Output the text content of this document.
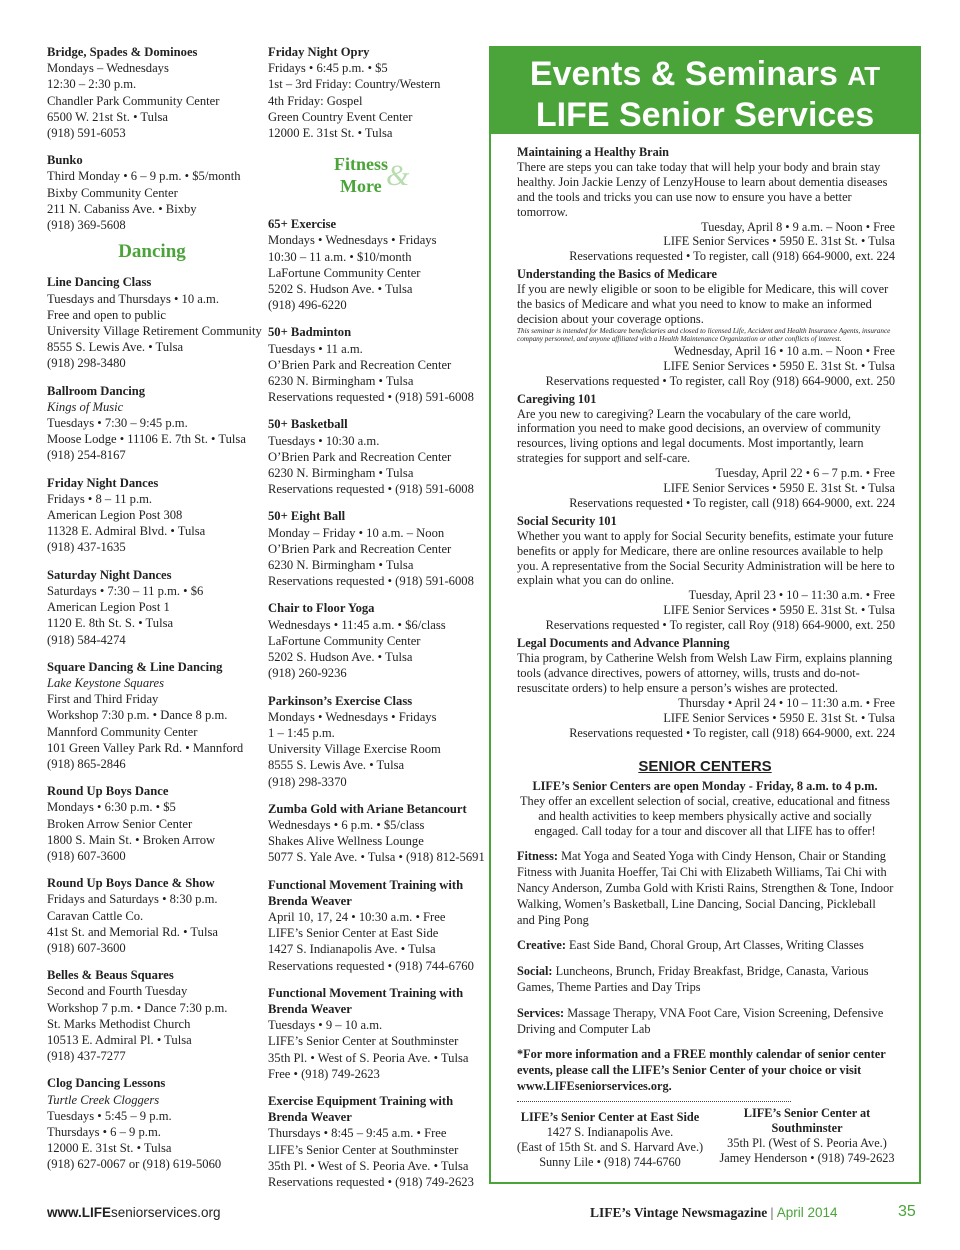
Bridge, Spades & Dominoes
Mondays – Wednesdays
12:30 – 2:30 p.m.
Chandler Park Community Center
6500 W. 21st St. • Tulsa
(918) 591-6053
Bunko
Third Monday • 6 – 9 p.m. • $5/month
Bixby Community Center
211 N. Cabaniss Ave. • Bixby
(918) 369-5608
Dancing
Line Dancing Class
Tuesdays and Thursdays • 10 a.m.
Free and open to public
University Village Retirement Community
8555 S. Lewis Ave. • Tulsa
(918) 298-3480
Ballroom Dancing
Kings of Music
Tuesdays • 7:30 – 9:45 p.m.
Moose Lodge • 11106 E. 7th St. • Tulsa
(918) 254-8167
Friday Night Dances
Fridays • 8 – 11 p.m.
American Legion Post 308
11328 E. Admiral Blvd. • Tulsa
(918) 437-1635
Saturday Night Dances
Saturdays • 7:30 – 11 p.m. • $6
American Legion Post 1
1120 E. 8th St. S. • Tulsa
(918) 584-4274
Square Dancing & Line Dancing
Lake Keystone Squares
First and Third Friday
Workshop 7:30 p.m. • Dance 8 p.m.
Mannford Community Center
101 Green Valley Park Rd. • Mannford
(918) 865-2846
Round Up Boys Dance
Mondays • 6:30 p.m. • $5
Broken Arrow Senior Center
1800 S. Main St. • Broken Arrow
(918) 607-3600
Round Up Boys Dance & Show
Fridays and Saturdays • 8:30 p.m.
Caravan Cattle Co.
41st St. and Memorial Rd. • Tulsa
(918) 607-3600
Belles & Beaus Squares
Second and Fourth Tuesday
Workshop 7 p.m. • Dance 7:30 p.m.
St. Marks Methodist Church
10513 E. Admiral Pl. • Tulsa
(918) 437-7277
Clog Dancing Lessons
Turtle Creek Cloggers
Tuesdays • 5:45 – 9 p.m.
Thursdays • 6 – 9 p.m.
12000 E. 31st St. • Tulsa
(918) 627-0067 or (918) 619-5060
Friday Night Opry
Fridays • 6:45 p.m. • $5
1st – 3rd Friday: Country/Western
4th Friday: Gospel
Green Country Event Center
12000 E. 31st St. • Tulsa
Fitness
More &
65+ Exercise
Mondays • Wednesdays • Fridays
10:30 – 11 a.m. • $10/month
LaFortune Community Center
5202 S. Hudson Ave. • Tulsa
(918) 496-6220
50+ Badminton
Tuesdays • 11 a.m.
O’Brien Park and Recreation Center
6230 N. Birmingham • Tulsa
Reservations requested • (918) 591-6008
50+ Basketball
Tuesdays • 10:30 a.m.
O’Brien Park and Recreation Center
6230 N. Birmingham • Tulsa
Reservations requested • (918) 591-6008
50+ Eight Ball
Monday – Friday • 10 a.m. – Noon
O’Brien Park and Recreation Center
6230 N. Birmingham • Tulsa
Reservations requested • (918) 591-6008
Chair to Floor Yoga
Wednesdays • 11:45 a.m. • $6/class
LaFortune Community Center
5202 S. Hudson Ave. • Tulsa
(918) 260-9236
Parkinson’s Exercise Class
Mondays • Wednesdays • Fridays
1 – 1:45 p.m.
University Village Exercise Room
8555 S. Lewis Ave. • Tulsa
(918) 298-3370
Zumba Gold with Ariane Betancourt
Wednesdays • 6 p.m. • $5/class
Shakes Alive Wellness Lounge
5077 S. Yale Ave. • Tulsa • (918) 812-5691
Functional Movement Training with Brenda Weaver
April 10, 17, 24 • 10:30 a.m. • Free
LIFE’s Senior Center at East Side
1427 S. Indianapolis Ave. • Tulsa
Reservations requested • (918) 744-6760
Functional Movement Training with Brenda Weaver
Tuesdays • 9 – 10 a.m.
LIFE’s Senior Center at Southminster
35th Pl. • West of S. Peoria Ave. • Tulsa
Free • (918) 749-2623
Exercise Equipment Training with Brenda Weaver
Thursdays • 8:45 – 9:45 a.m. • Free
LIFE’s Senior Center at Southminster
35th Pl. • West of S. Peoria Ave. • Tulsa
Reservations requested • (918) 749-2623
Events & Seminars AT
LIFE Senior Services
Maintaining a Healthy Brain
There are steps you can take today that will help your body and brain stay healthy. Join Jackie Lenzy of LenzyHouse to learn about dementia diseases and the tools and tricks you can use now to ensure you have a better tomorrow.
Tuesday, April 8 • 9 a.m. – Noon • Free
LIFE Senior Services • 5950 E. 31st St. • Tulsa
Reservations requested • To register, call (918) 664-9000, ext. 224
Understanding the Basics of Medicare
If you are newly eligible or soon to be eligible for Medicare, this will cover the basics of Medicare and what you need to know to make an informed decision about your coverage options.
This seminar is intended for Medicare beneficiaries and closed to licensed Life, Accident and Health Insurance Agents, insurance company personnel, and anyone affiliated with a Health Maintenance Organization or other conflicts of interest.
Wednesday, April 16 • 10 a.m. – Noon • Free
LIFE Senior Services • 5950 E. 31st St. • Tulsa
Reservations requested • To register, call Roy (918) 664-9000, ext. 250
Caregiving 101
Are you new to caregiving? Learn the vocabulary of the care world, information you need to make good decisions, an overview of community resources, living options and legal documents. Most importantly, learn strategies for support and self-care.
Tuesday, April 22 • 6 – 7 p.m. • Free
LIFE Senior Services • 5950 E. 31st St. • Tulsa
Reservations requested • To register, call (918) 664-9000, ext. 224
Social Security 101
Whether you want to apply for Social Security benefits, estimate your future benefits or apply for Medicare, there are online resources available to help you. A representative from the Social Security Administration will be here to explain what you can do online.
Tuesday, April 23 • 10 – 11:30 a.m. • Free
LIFE Senior Services • 5950 E. 31st St. • Tulsa
Reservations requested • To register, call Roy (918) 664-9000, ext. 250
Legal Documents and Advance Planning
Thia program, by Catherine Welsh from Welsh Law Firm, explains planning tools (advance directives, powers of attorney, wills, trusts and do-not-resuscitate orders) to help ensure a person’s wishes are protected.
Thursday • April 24 • 10 – 11:30 a.m. • Free
LIFE Senior Services • 5950 E. 31st St. • Tulsa
Reservations requested • To register, call (918) 664-9000, ext. 224
SENIOR CENTERS
LIFE’s Senior Centers are open Monday - Friday, 8 a.m. to 4 p.m.
They offer an excellent selection of social, creative, educational and fitness and health activities to keep members physically active and socially engaged. Call today for a tour and discover all that LIFE has to offer!
Fitness: Mat Yoga and Seated Yoga with Cindy Henson, Chair or Standing Fitness with Juanita Hoeffer, Tai Chi with Elizabeth Williams, Tai Chi with Nancy Anderson, Zumba Gold with Kristi Rains, Strengthen & Tone, Indoor Walking, Women’s Basketball, Line Dancing, Social Dancing, Pickleball and Ping Pong
Creative: East Side Band, Choral Group, Art Classes, Writing Classes
Social: Luncheons, Brunch, Friday Breakfast, Bridge, Canasta, Various Games, Theme Parties and Day Trips
Services: Massage Therapy, VNA Foot Care, Vision Screening, Defensive Driving and Computer Lab
*For more information and a FREE monthly calendar of senior center events, please call the LIFE’s Senior Center of your choice or visit www.LIFEseniorservices.org.
LIFE’s Senior Center at East Side
1427 S. Indianapolis Ave.
(East of 15th St. and S. Harvard Ave.)
Sunny Lile • (918) 744-6760
LIFE’s Senior Center at
Southminster
35th Pl. (West of S. Peoria Ave.)
Jamey Henderson • (918) 749-2623
www.LIFEseniorservices.org	LIFE’s Vintage Newsmagazine | April 2014	35
